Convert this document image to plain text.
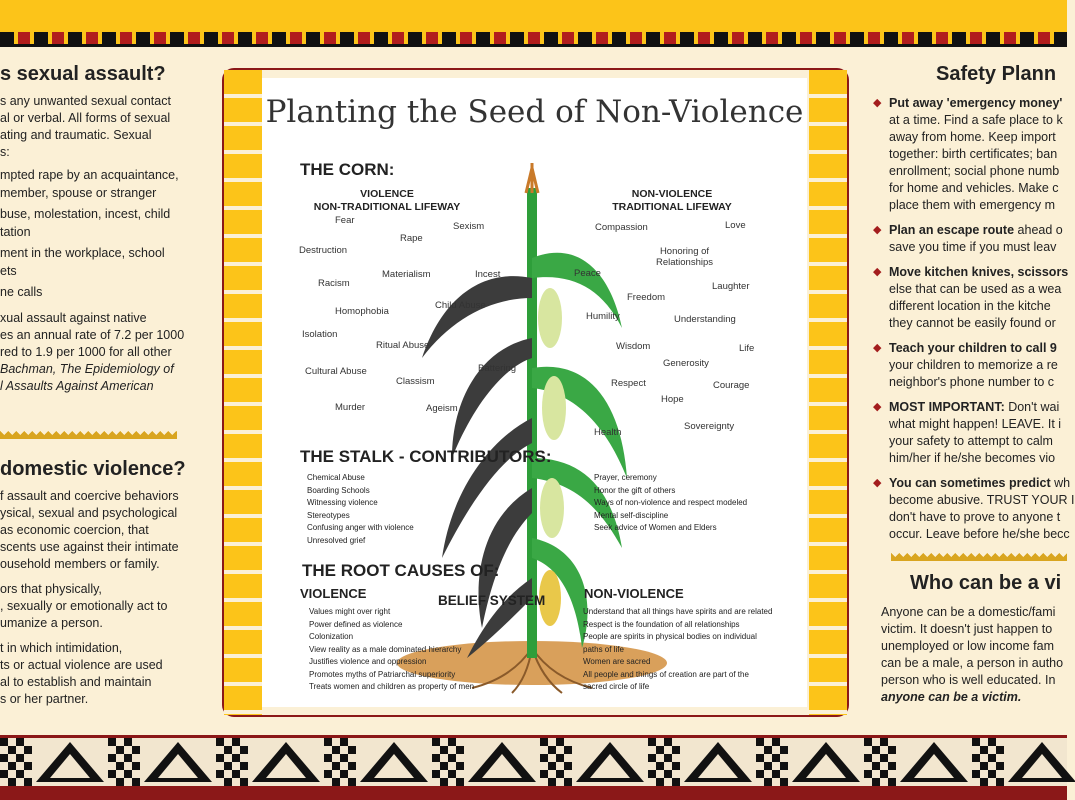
s sexual assault?
s any unwanted sexual contact
al or verbal. All forms of sexual
ating and traumatic. Sexual
s:
mpted rape by an acquaintance,
member, spouse or stranger
buse, molestation, incest, child
tation
ment in the workplace, school
ets
ne calls
xual assault against native
es an annual rate of 7.2 per 1000
red to 1.9 per 1000 for all other
Bachman, The Epidemiology of
l Assaults Against American
domestic violence?
f assault and coercive behaviors
ysical, sexual and psychological
as economic coercion, that
scents use against their intimate
ousehold members or family.
ors that physically,
, sexually or emotionally act to
umanize a person.
t in which intimidation,
ts or actual violence are used
al to establish and maintain
s or her partner.
Planting the Seed of Non-Violence
THE CORN:
VIOLENCE
NON-TRADITIONAL LIFEWAY
NON-VIOLENCE
TRADITIONAL LIFEWAY
Fear
Rape
Sexism
Destruction
Racism
Materialism	Incest
Homophobia
Child Abuse
Isolation
Ritual Abuse
Battering
Cultural Abuse
Classism
Murder	Ageism
Compassion	Love
Honoring of
Relationships
Peace
Laughter
Freedom
Humility	Understanding
Wisdom	Life
Generosity
Respect	Courage
Hope
Health
Sovereignty
THE STALK - CONTRIBUTORS:
Chemical Abuse
Boarding Schools
Witnessing violence
Stereotypes
Confusing anger with violence
Unresolved grief
Prayer, ceremony
Honor the gift of others
Ways of non-violence and respect modeled
Mental self-discipline
Seek advice of Women and Elders
THE ROOT CAUSES OF:
VIOLENCE	NON-VIOLENCE
BELIEF SYSTEM
Values might over right
Power defined as violence
Colonization
View reality as a male dominated hierarchy
Justifies violence and oppression
Promotes myths of Patriarchal superiority
Treats women and children as property of men
Understand that all things have spirits and are related
Respect is the foundation of all relationships
People are spirits in physical bodies on individual
paths of life
Women are sacred
All people and things of creation are part of the
sacred circle of life
Safety Plann
◆ Put away 'emergency money'
at a time. Find a safe place to k
away from home. Keep import
together: birth certificates; ban
enrollment; social phone numb
for home and vehicles. Make c
place them with emergency m
◆ Plan an escape route ahead o
save you time if you must leav
◆ Move kitchen knives, scissors
else that can be used as a wea
different location in the kitche
they cannot be easily found or
◆ Teach your children to call 9
your children to memorize a re
neighbor's phone number to c
◆ MOST IMPORTANT: Don't wai
what might happen! LEAVE. It i
your safety to attempt to calm
him/her if he/she becomes vio
◆ You can sometimes predict wh
become abusive. TRUST YOUR I
don't have to prove to anyone t
occur. Leave before he/she becc
Who can be a vi
Anyone can be a domestic/fami
victim. It doesn't just happen to
unemployed or low income fam
can be a male, a person in autho
person who is well educated. In
anyone can be a victim.
